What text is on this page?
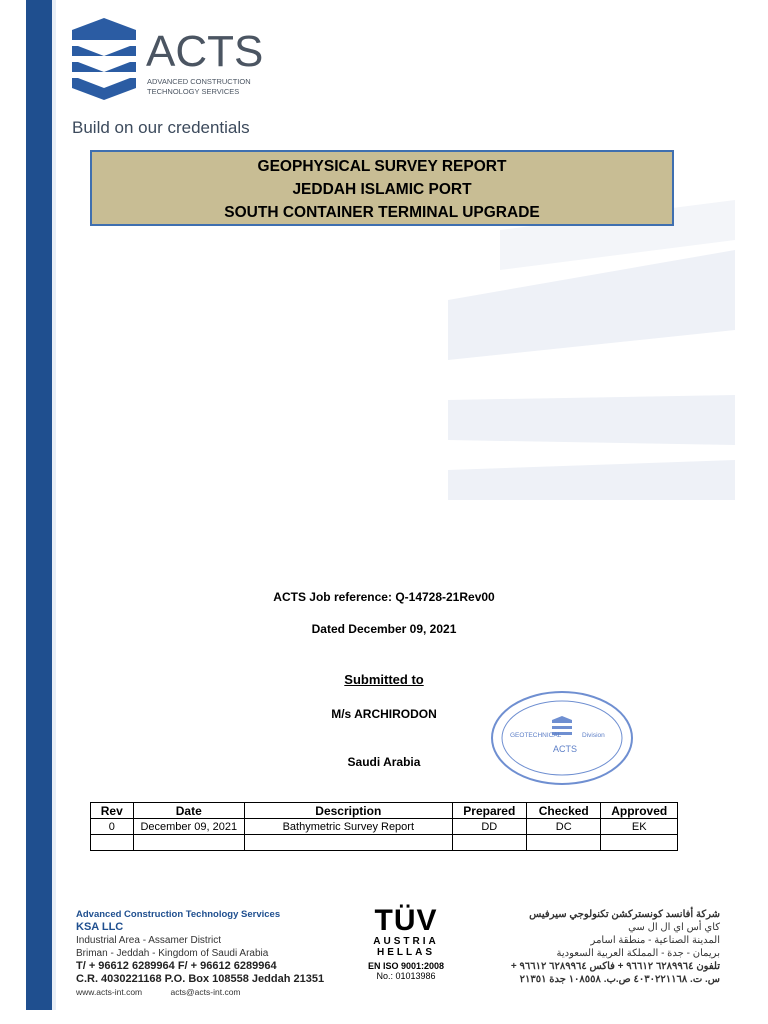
ACTS
ADVANCED CONSTRUCTION
TECHNOLOGY SERVICES
Build on our credentials
GEOPHYSICAL SURVEY REPORT
JEDDAH ISLAMIC PORT
SOUTH CONTAINER TERMINAL UPGRADE
ACTS Job reference: Q-14728-21Rev00
Dated December 09, 2021
Submitted to
M/s ARCHIRODON
Saudi Arabia
GEOTECHNICAL	Division
ACTS
Rev	Date	Description	Prepared	Checked	Approved
0	December 09, 2021	Bathymetric Survey Report	DD	DC	EK

Advanced Construction Technology Services
KSA LLC
Industrial Area - Assamer District
Briman - Jeddah - Kingdom of Saudi Arabia
T/ + 96612 6289964 F/ + 96612 6289964
C.R. 4030221168 P.O. Box 108558 Jeddah 21351
www.acts-int.com	acts@acts-int.com
TÜV
AUSTRIA
HELLAS
EN ISO 9001:2008
No.: 01013986
شركة أفانسد كونستركشن تكنولوجي سيرفيس
كاي أس اي ال ال سي
المدينة الصناعية - منطقة اسامر
بريمان - جدة - المملكة العربية السعودية
تلفون ٦٢٨٩٩٦٤ ٩٦٦١٢ + فاكس ٦٢٨٩٩٦٤ ٩٦٦١٢ +
س. ت. ٤٠٣٠٢٢١١٦٨ ص.ب. ١٠٨٥٥٨ جدة ٢١٣٥١
